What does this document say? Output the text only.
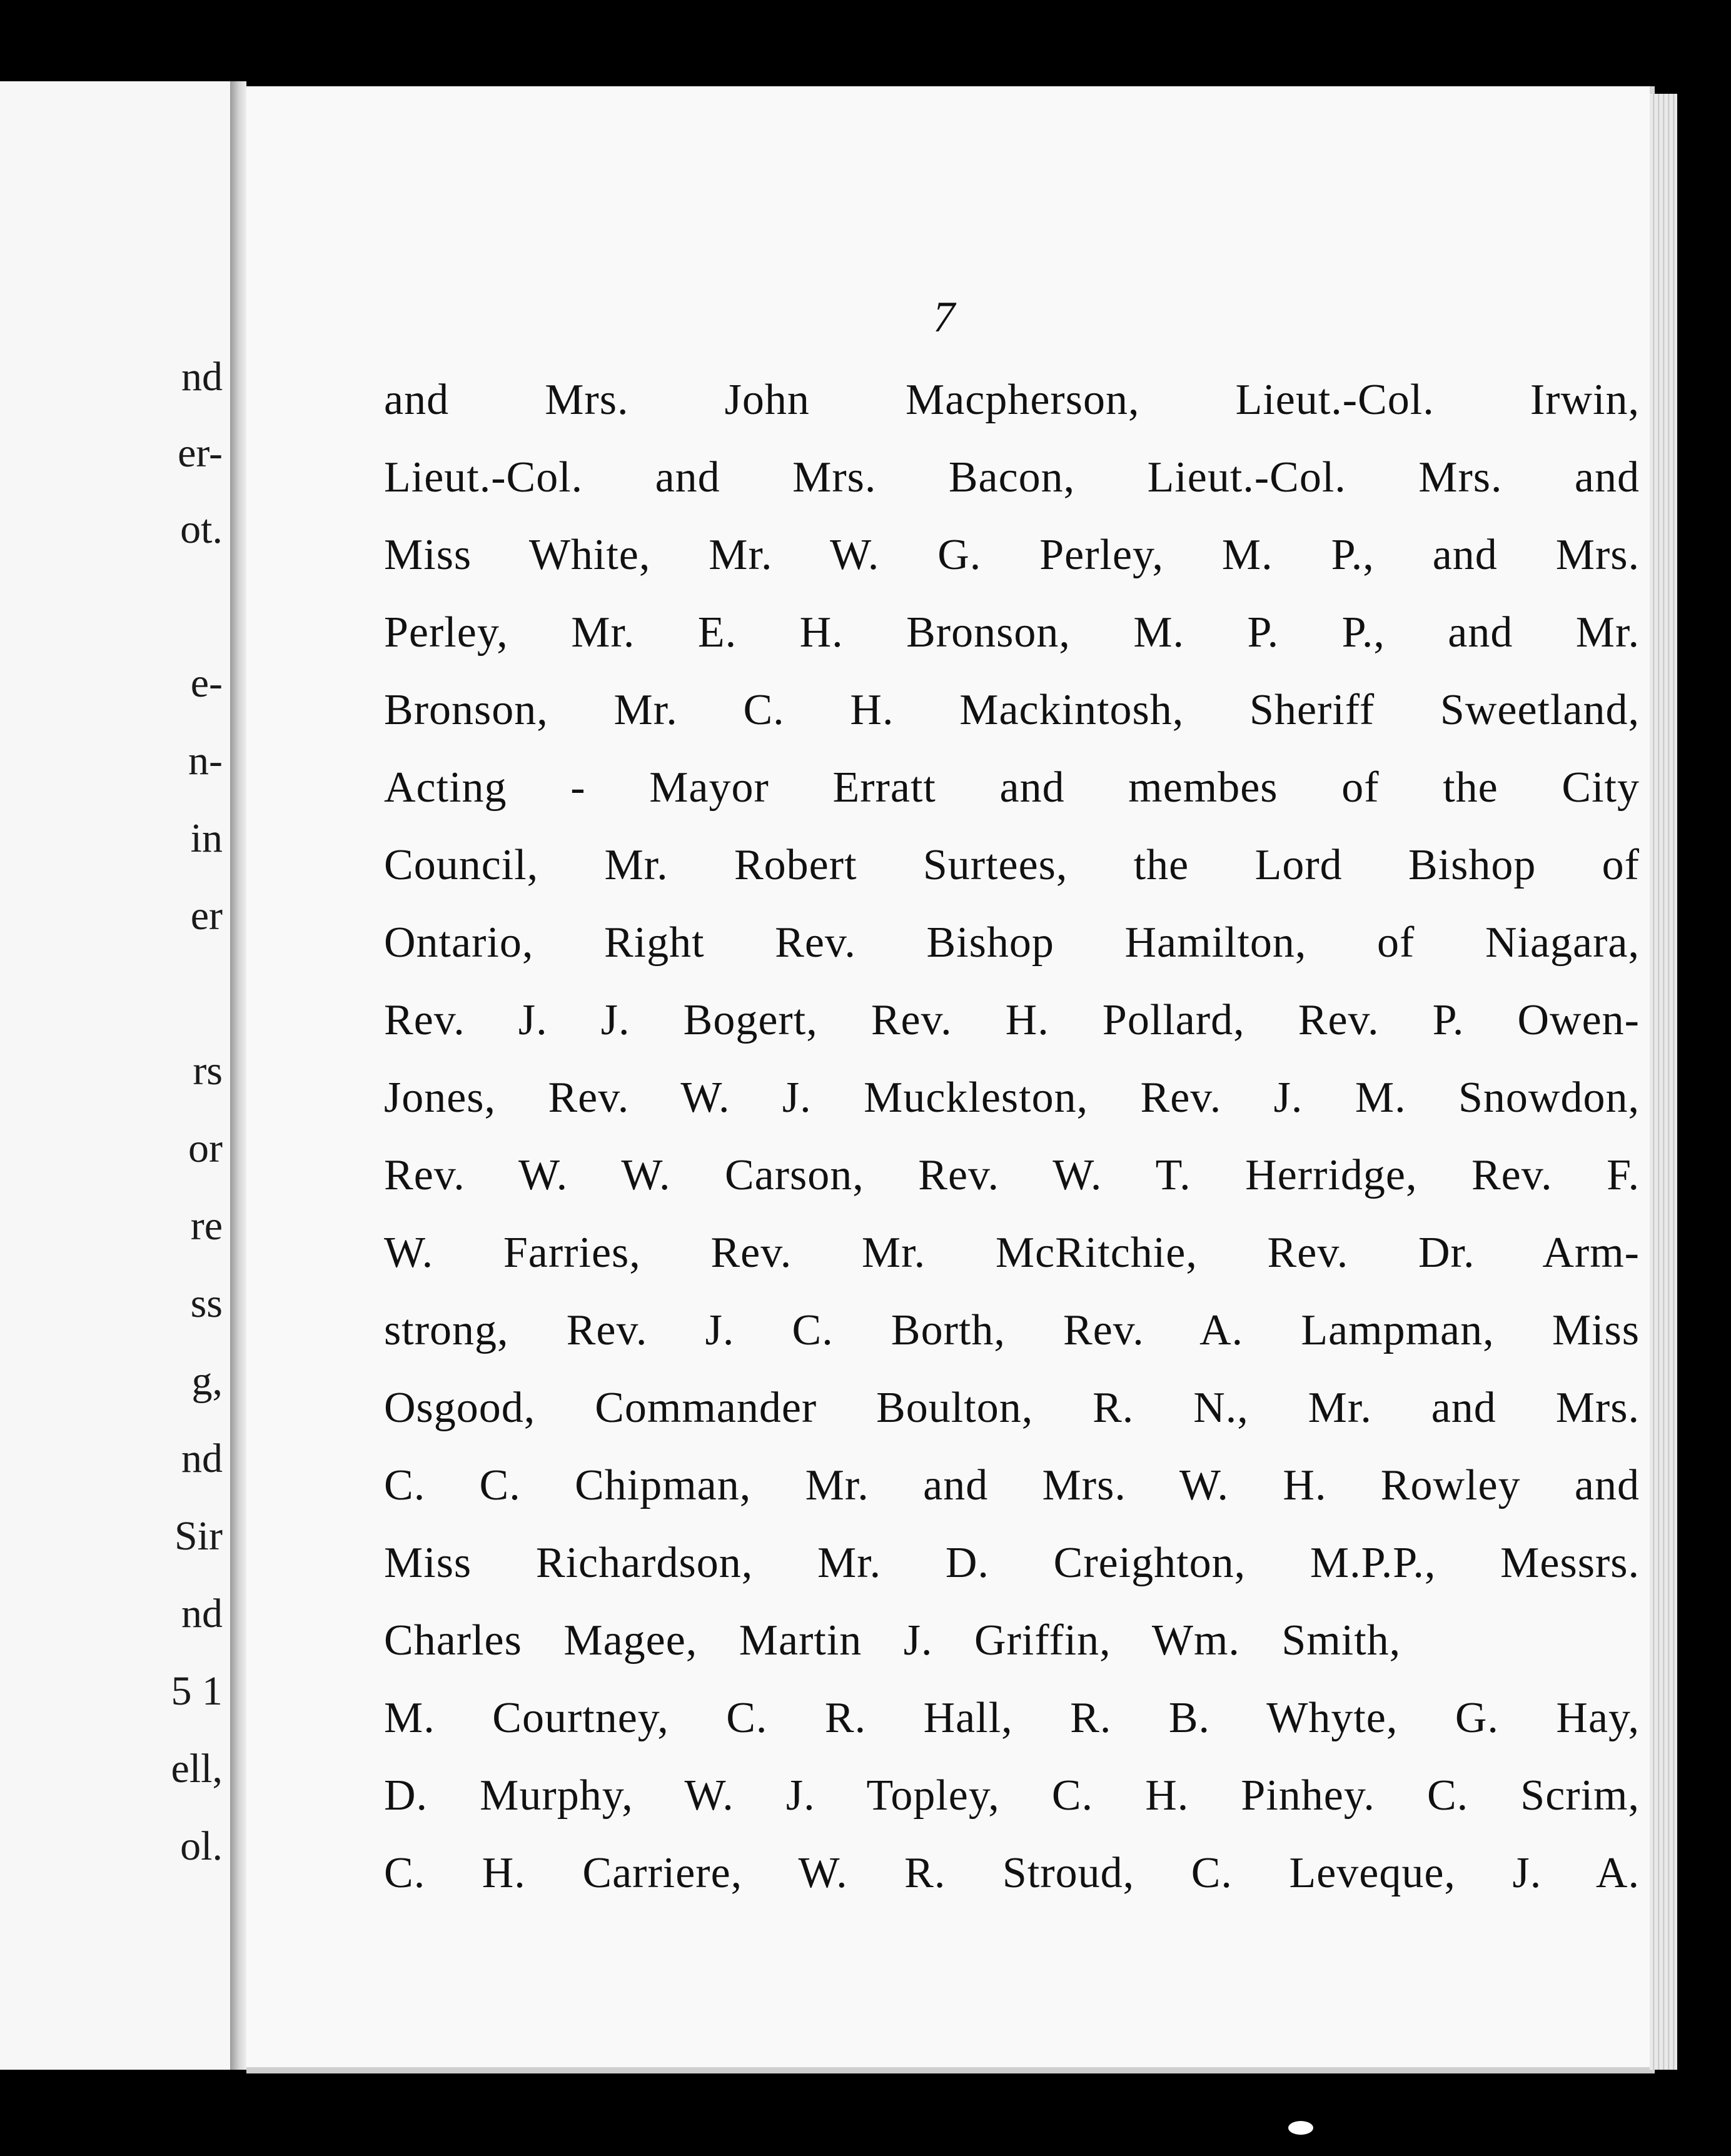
nd
er-
ot.
e-
n-
in
er
rs
or
re
ss
g,
nd
Sir
nd
5 1
ell,
ol.
7
and Mrs. John Macpherson, Lieut.-Col. Irwin,
Lieut.-Col. and Mrs. Bacon, Lieut.-Col. Mrs. and
Miss White, Mr. W. G. Perley, M. P., and Mrs.
Perley, Mr. E. H. Bronson, M. P. P., and Mr.
Bronson, Mr. C. H. Mackintosh, Sheriff Sweetland,
Acting - Mayor Erratt and membes of the City
Council, Mr. Robert Surtees, the Lord Bishop of
Ontario, Right Rev. Bishop Hamilton, of Niagara,
Rev. J. J. Bogert, Rev. H. Pollard, Rev. P. Owen-
Jones, Rev. W. J. Muckleston, Rev. J. M. Snowdon,
Rev. W. W. Carson, Rev. W. T. Herridge, Rev. F.
W. Farries, Rev. Mr. McRitchie, Rev. Dr. Arm-
strong, Rev. J. C. Borth, Rev. A. Lampman, Miss
Osgood, Commander Boulton, R. N., Mr. and Mrs.
C. C. Chipman, Mr. and Mrs. W. H. Rowley and
Miss Richardson, Mr. D. Creighton, M.P.P., Messrs.
Charles Magee, Martin J. Griffin, Wm. Smith,
M. Courtney, C. R. Hall, R. B. Whyte, G. Hay,
D. Murphy, W. J. Topley, C. H. Pinhey. C. Scrim,
C. H. Carriere, W. R. Stroud, C. Leveque, J. A.
